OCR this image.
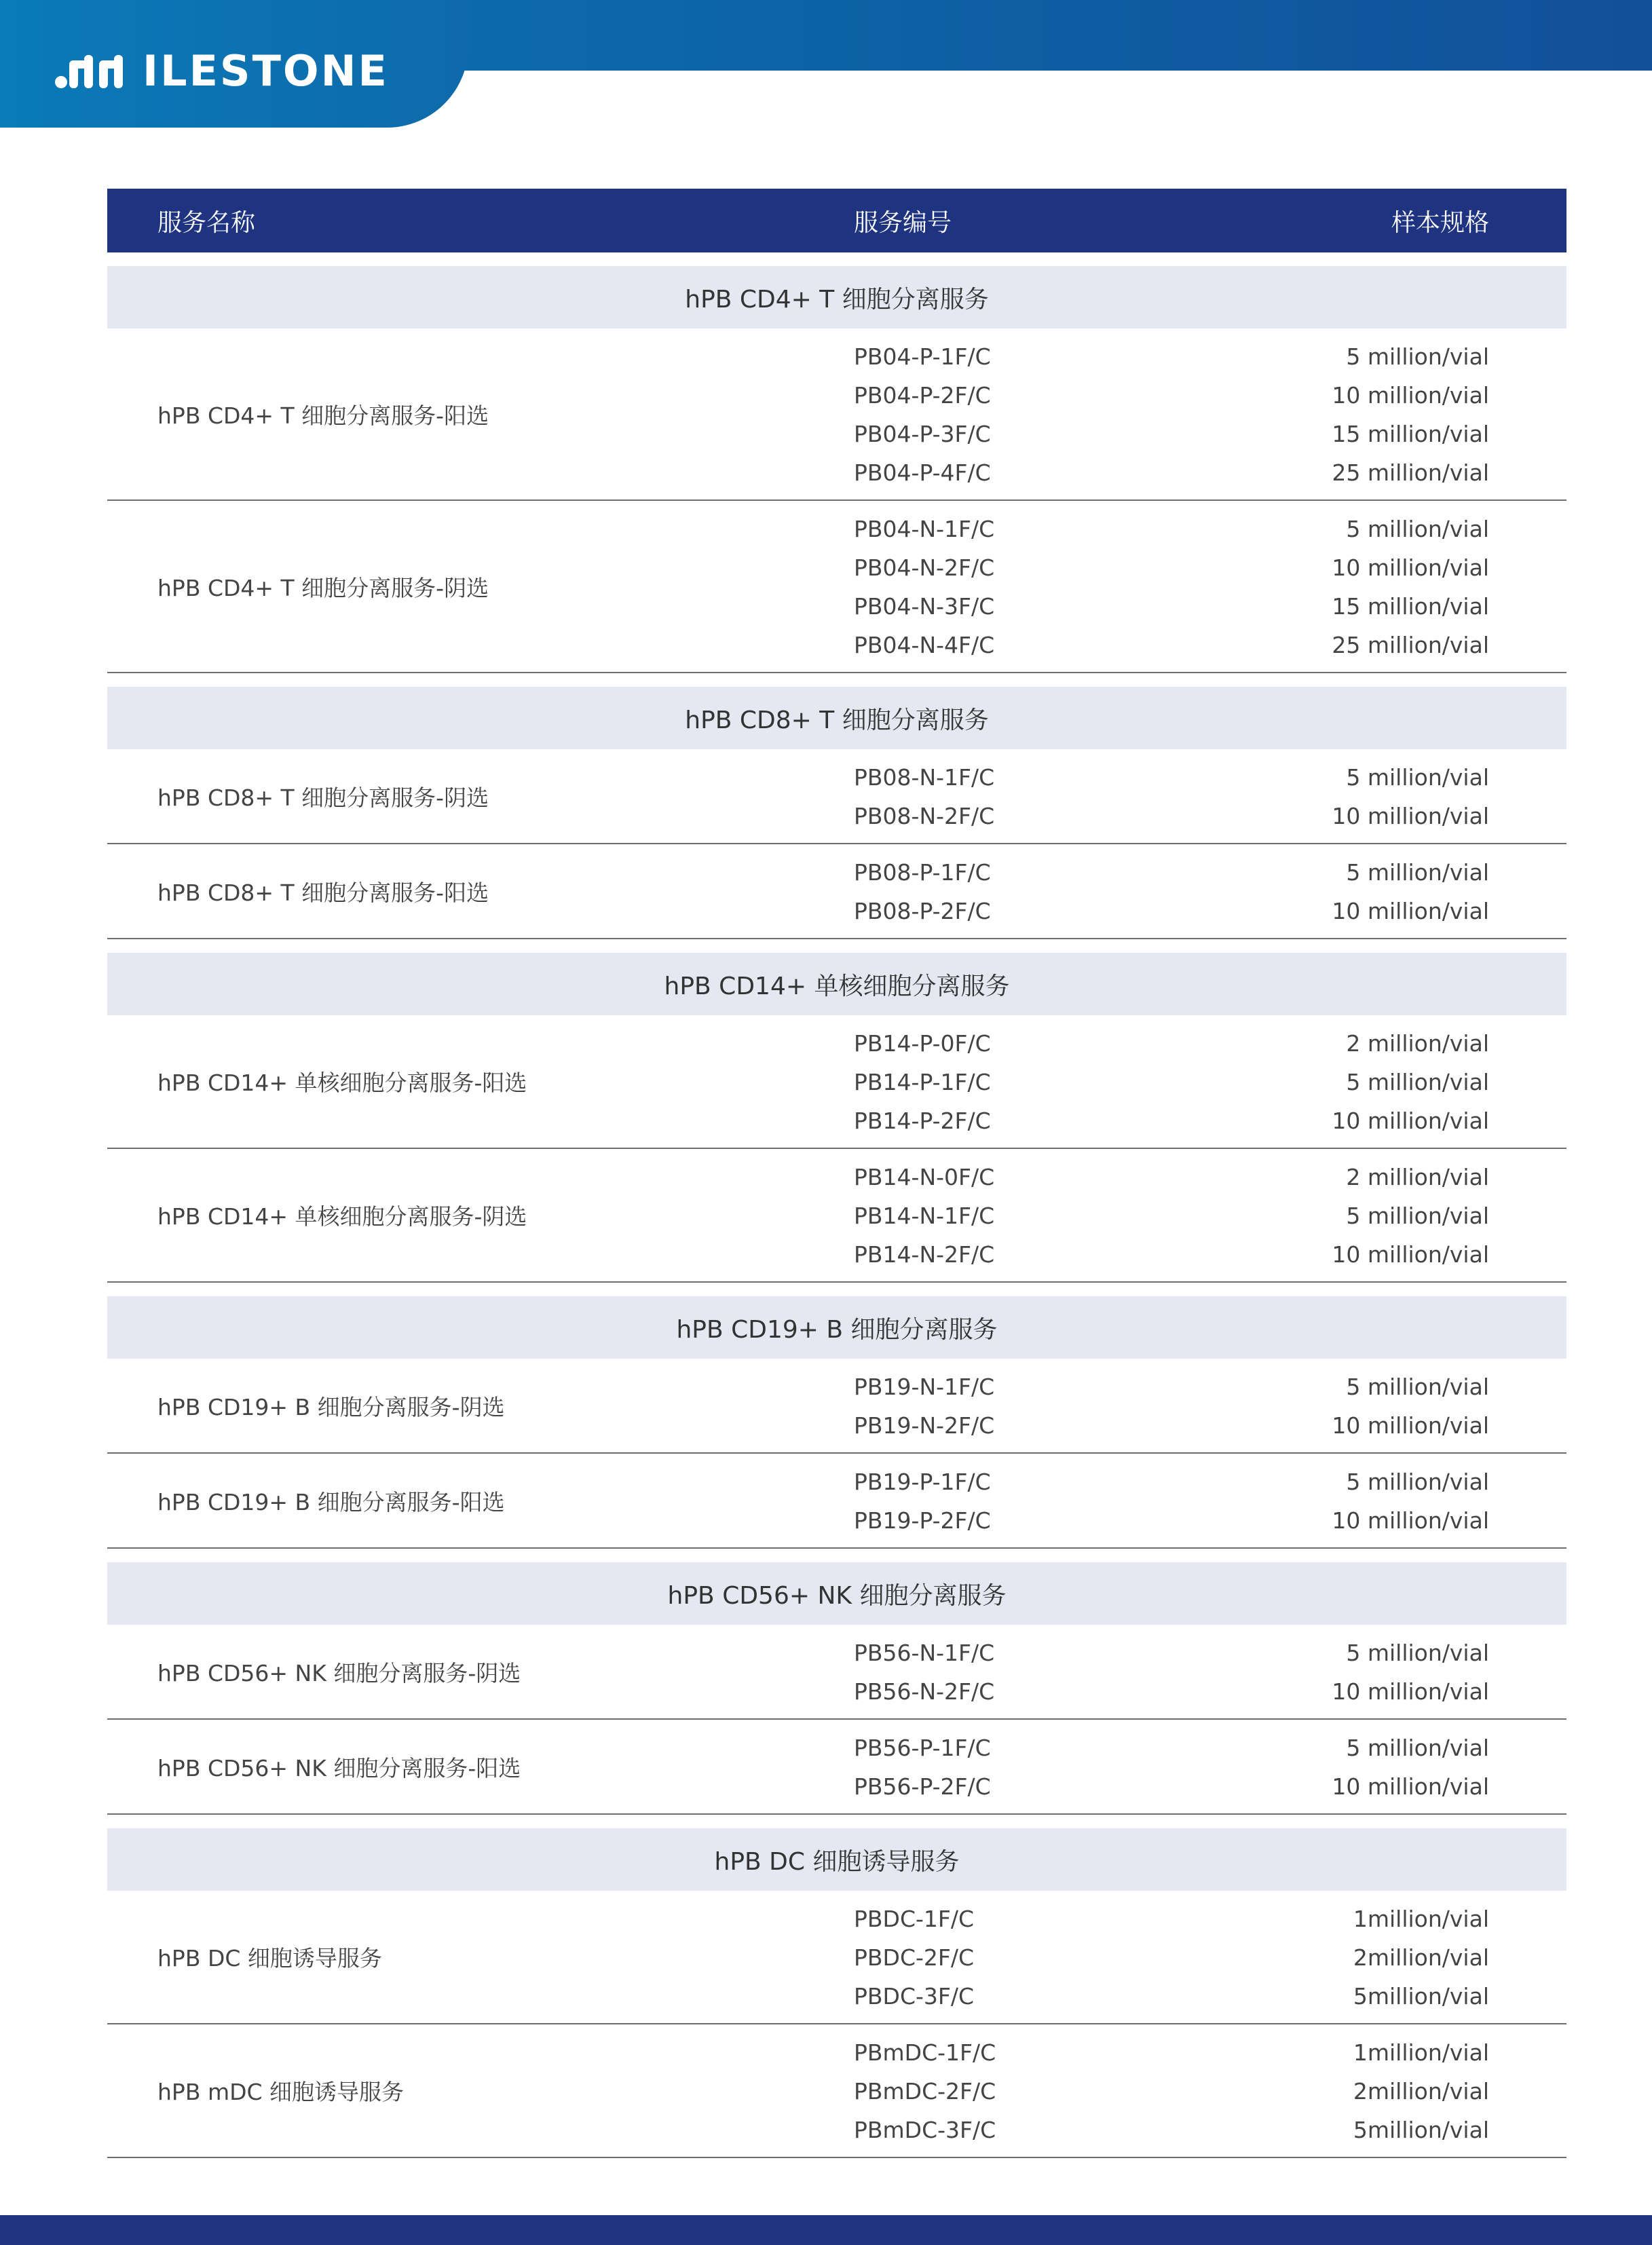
ILESTONE
服务名称	服务编号	样本规格
hPB CD4+ T 细胞分离服务
hPB CD4+ T 细胞分离服务-阳选
PB04-P-1F/C	5 million/vial
PB04-P-2F/C	10 million/vial
PB04-P-3F/C	15 million/vial
PB04-P-4F/C	25 million/vial
hPB CD4+ T 细胞分离服务-阴选
PB04-N-1F/C	5 million/vial
PB04-N-2F/C	10 million/vial
PB04-N-3F/C	15 million/vial
PB04-N-4F/C	25 million/vial
hPB CD8+ T 细胞分离服务
hPB CD8+ T 细胞分离服务-阴选
PB08-N-1F/C	5 million/vial
PB08-N-2F/C	10 million/vial
hPB CD8+ T 细胞分离服务-阳选
PB08-P-1F/C	5 million/vial
PB08-P-2F/C	10 million/vial
hPB CD14+ 单核细胞分离服务
hPB CD14+ 单核细胞分离服务-阳选
PB14-P-0F/C	2 million/vial
PB14-P-1F/C	5 million/vial
PB14-P-2F/C	10 million/vial
hPB CD14+ 单核细胞分离服务-阴选
PB14-N-0F/C	2 million/vial
PB14-N-1F/C	5 million/vial
PB14-N-2F/C	10 million/vial
hPB CD19+ B 细胞分离服务
hPB CD19+ B 细胞分离服务-阴选
PB19-N-1F/C	5 million/vial
PB19-N-2F/C	10 million/vial
hPB CD19+ B 细胞分离服务-阳选
PB19-P-1F/C	5 million/vial
PB19-P-2F/C	10 million/vial
hPB CD56+ NK 细胞分离服务
hPB CD56+ NK 细胞分离服务-阴选
PB56-N-1F/C	5 million/vial
PB56-N-2F/C	10 million/vial
hPB CD56+ NK 细胞分离服务-阳选
PB56-P-1F/C	5 million/vial
PB56-P-2F/C	10 million/vial
hPB DC 细胞诱导服务
hPB DC 细胞诱导服务
PBDC-1F/C	1million/vial
PBDC-2F/C	2million/vial
PBDC-3F/C	5million/vial
hPB mDC 细胞诱导服务
PBmDC-1F/C	1million/vial
PBmDC-2F/C	2million/vial
PBmDC-3F/C	5million/vial
